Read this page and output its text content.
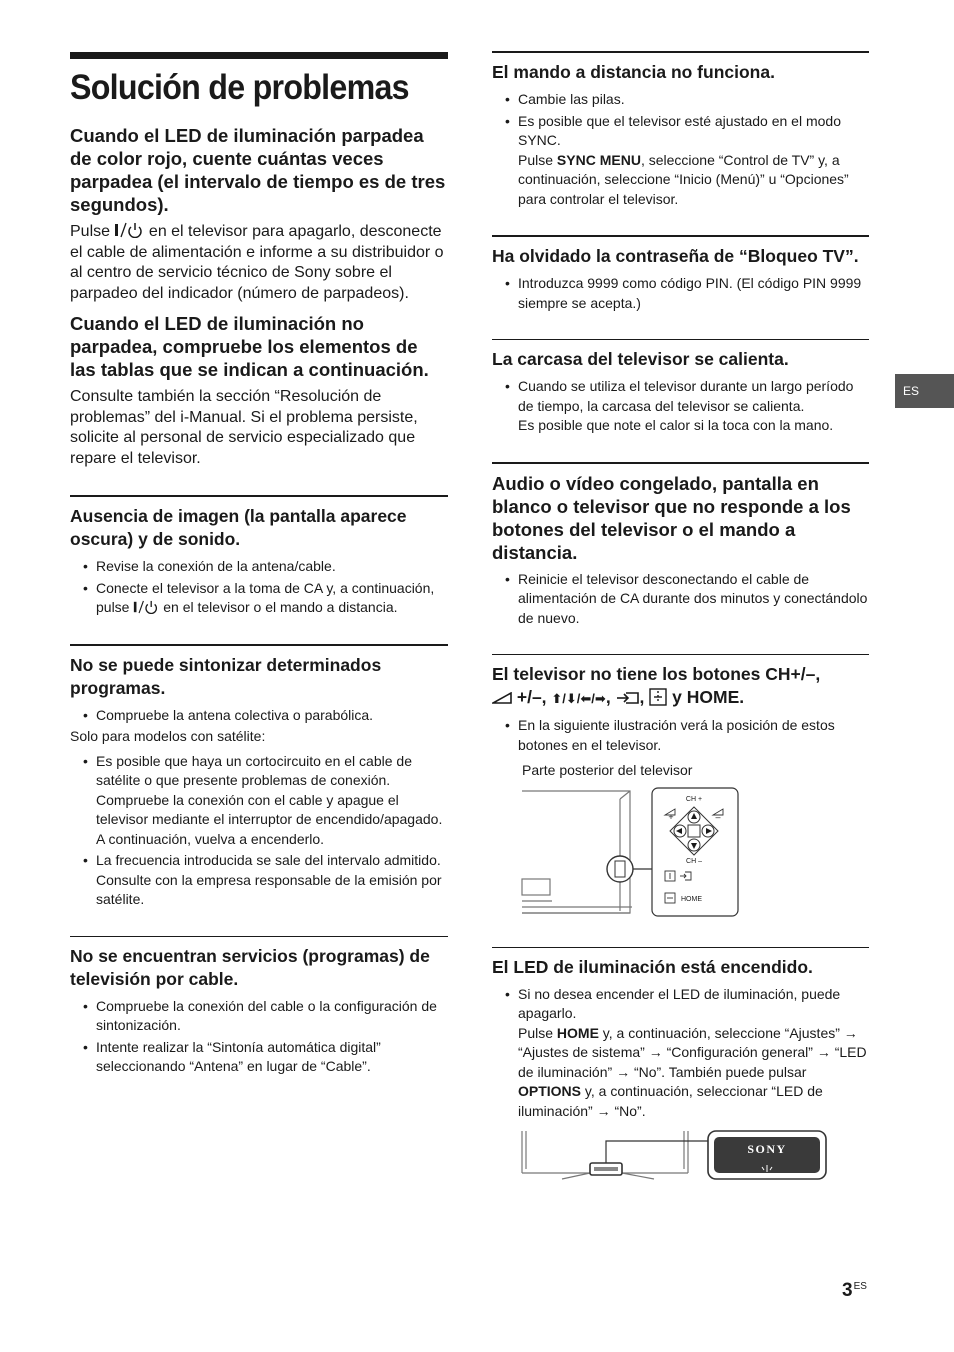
Solución de problemas
Cuando el LED de iluminación parpadea de color rojo, cuente cuántas veces parpadea (el intervalo de tiempo es de tres segundos).

Pulse  en el televisor para apagarlo, desconecte el cable de alimentación e informe a su distribuidor o al centro de servicio técnico de Sony sobre el parpadeo del indicador (número de parpadeos).

Cuando el LED de iluminación no parpadea, compruebe los elementos de las tablas que se indican a continuación.

Consulte también la sección “Resolución de problemas” del i-Manual. Si el problema persiste, solicite al personal de servicio especializado que repare el televisor.

Ausencia de imagen (la pantalla aparece oscura) y de sonido.
• Revise la conexión de la antena/cable.
• Conecte el televisor a la toma de CA y, a continuación, pulse  en el televisor o el mando a distancia.
No se puede sintonizar determinados programas.
• Compruebe la antena colectiva o parabólica.
Solo para modelos con satélite:
• Es posible que haya un cortocircuito en el cable de satélite o que presente problemas de conexión. Compruebe la conexión con el cable y apague el televisor mediante el interruptor de encendido/apagado. A continuación, vuelva a encenderlo.
• La frecuencia introducida se sale del intervalo admitido. Consulte con la empresa responsable de la emisión por satélite.
No se encuentran servicios (programas) de televisión por cable.
• Compruebe la conexión del cable o la configuración de sintonización.
• Intente realizar la “Sintonía automática digital” seleccionando “Antena” en lugar de “Cable”.
El mando a distancia no funciona.
• Cambie las pilas.
• Es posible que el televisor esté ajustado en el modo SYNC.
Pulse SYNC MENU, seleccione “Control de TV” y, a continuación, seleccione “Inicio (Menú)” u “Opciones” para controlar el televisor.
Ha olvidado la contraseña de “Bloqueo TV”.
• Introduzca 9999 como código PIN. (El código PIN 9999 siempre se acepta.)
La carcasa del televisor se calienta.
• Cuando se utiliza el televisor durante un largo período de tiempo, la carcasa del televisor se calienta.
Es posible que note el calor si la toca con la mano.
Audio o vídeo congelado, pantalla en blanco o televisor que no responde a los botones del televisor o el mando a distancia.
• Reinicie el televisor desconectando el cable de alimentación de CA durante dos minutos y conectándolo de nuevo.
El televisor no tiene los botones CH+/–,
+/–, ⬆/⬇/⬅/➡, ,  y HOME.
• En la siguiente ilustración verá la posición de estos botones en el televisor.
Parte posterior del televisor
CH +
CH –
+	–
HOME
El LED de iluminación está encendido.
• Si no desea encender el LED de iluminación, puede apagarlo.
Pulse HOME y, a continuación, seleccione “Ajustes” → “Ajustes de sistema” → “Configuración general” → “LED de iluminación” → “No”. También puede pulsar OPTIONS y, a continuación, seleccionar “LED de iluminación” → “No”.
SONY
ES
$3^{ES}$
